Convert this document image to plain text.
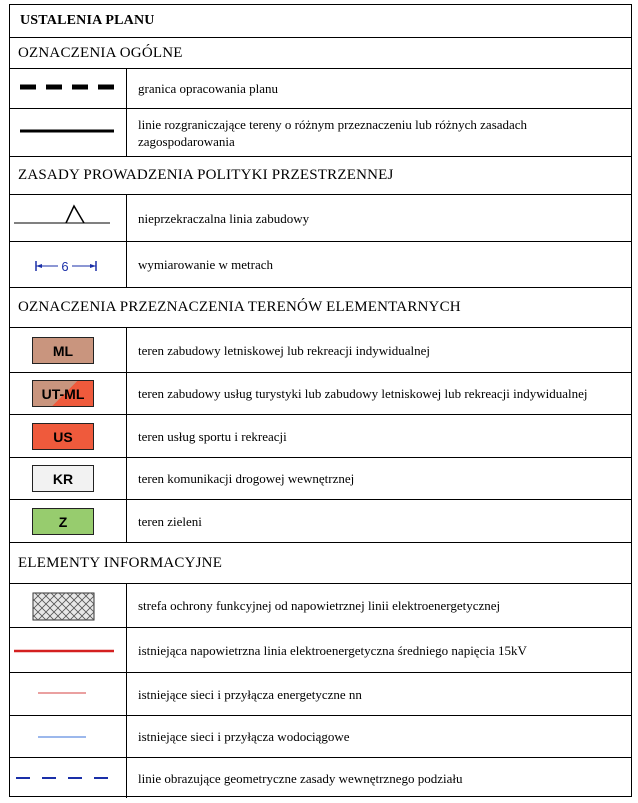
USTALENIA PLANU
OZNACZENIA OGÓLNE
granica opracowania planu
linie rozgraniczające tereny o różnym przeznaczeniu lub różnych zasadach zagospodarowania
ZASADY PROWADZENIA POLITYKI PRZESTRZENNEJ
nieprzekraczalna linia zabudowy
6	wymiarowanie w metrach
OZNACZENIA PRZEZNACZENIA TERENÓW ELEMENTARNYCH
ML	teren zabudowy letniskowej lub rekreacji indywidualnej
UT-ML	teren zabudowy usług turystyki lub zabudowy letniskowej lub rekreacji indywidualnej
US	teren usług sportu i rekreacji
KR	teren komunikacji drogowej wewnętrznej
Z	teren zieleni
ELEMENTY INFORMACYJNE
strefa ochrony funkcyjnej od napowietrznej linii elektroenergetycznej
istniejąca napowietrzna linia elektroenergetyczna średniego napięcia 15kV
istniejące sieci i przyłącza energetyczne nn
istniejące sieci i przyłącza wodociągowe
linie obrazujące geometryczne zasady wewnętrznego podziału
